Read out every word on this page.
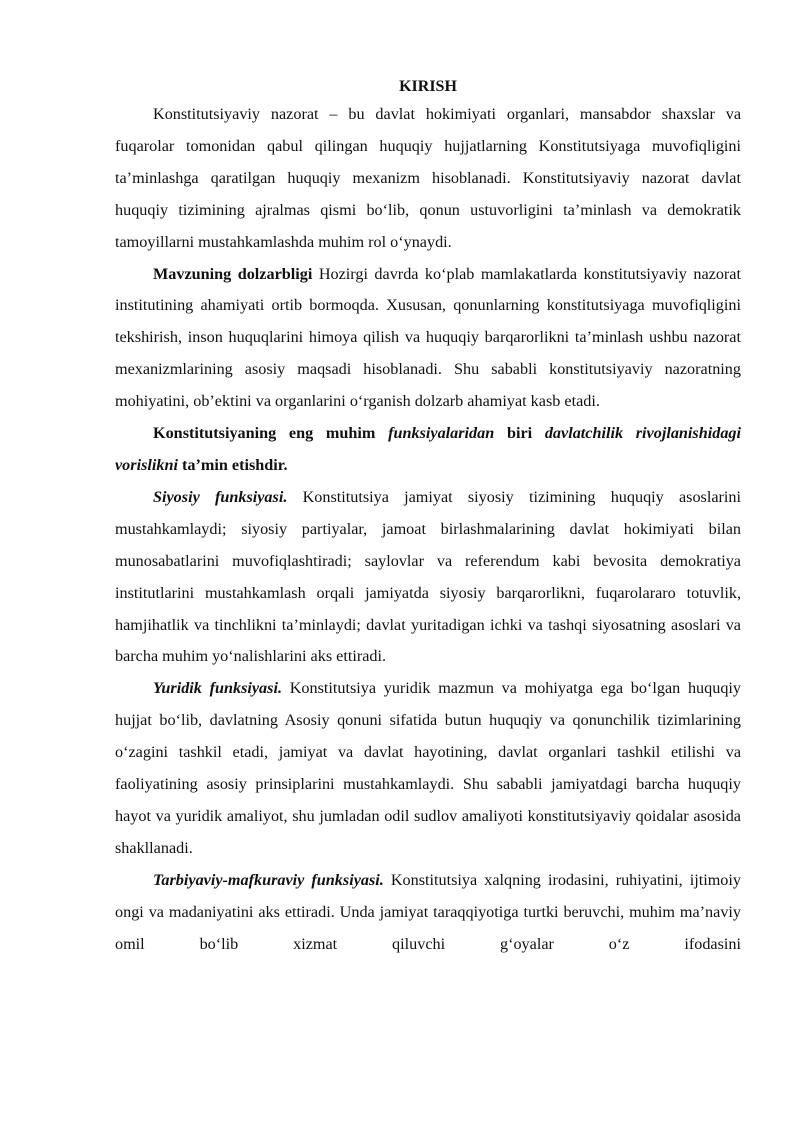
KIRISH

Konstitutsiyaviy nazorat – bu davlat hokimiyati organlari, mansabdor shaxslar va fuqarolar tomonidan qabul qilingan huquqiy hujjatlarning Konstitutsiyaga muvofiqligini ta’minlashga qaratilgan huquqiy mexanizm hisoblanadi. Konstitutsiyaviy nazorat davlat huquqiy tizimining ajralmas qismi bo‘lib, qonun ustuvorligini ta’minlash va demokratik tamoyillarni mustahkamlashda muhim rol o‘ynaydi.

Mavzuning dolzarbligi Hozirgi davrda ko‘plab mamlakatlarda konstitutsiyaviy nazorat institutining ahamiyati ortib bormoqda. Xususan, qonunlarning konstitutsiyaga muvofiqligini tekshirish, inson huquqlarini himoya qilish va huquqiy barqarorlikni ta’minlash ushbu nazorat mexanizmlarining asosiy maqsadi hisoblanadi. Shu sababli konstitutsiyaviy nazoratning mohiyatini, ob’ektini va organlarini o‘rganish dolzarb ahamiyat kasb etadi.

Konstitutsiyaning eng muhim funksiyalaridan biri davlatchilik rivojlanishidagi vorislikni ta’min etishdir.

Siyosiy funksiyasi. Konstitutsiya jamiyat siyosiy tizimining huquqiy asoslarini mustahkamlaydi; siyosiy partiyalar, jamoat birlashmalarining davlat hokimiyati bilan munosabatlarini muvofiqlashtiradi; saylovlar va referendum kabi bevosita demokratiya institutlarini mustahkamlash orqali jamiyatda siyosiy barqarorlikni, fuqarolararo totuvlik, hamjihatlik va tinchlikni ta’minlaydi; davlat yuritadigan ichki va tashqi siyosatning asoslari va barcha muhim yo‘nalishlarini aks ettiradi.

Yuridik funksiyasi. Konstitutsiya yuridik mazmun va mohiyatga ega bo‘lgan huquqiy hujjat bo‘lib, davlatning Asosiy qonuni sifatida butun huquqiy va qonunchilik tizimlarining o‘zagini tashkil etadi, jamiyat va davlat hayotining, davlat organlari tashkil etilishi va faoliyatining asosiy prinsiplarini mustahkamlaydi. Shu sababli jamiyatdagi barcha huquqiy hayot va yuridik amaliyot, shu jumladan odil sudlov amaliyoti konstitutsiyaviy qoidalar asosida shakllanadi.

Tarbiyaviy-mafkuraviy funksiyasi. Konstitutsiya xalqning irodasini, ruhiyatini, ijtimoiy ongi va madaniyatini aks ettiradi. Unda jamiyat taraqqiyotiga turtki beruvchi, muhim ma’naviy omil bo‘lib xizmat qiluvchi g‘oyalar o‘z ifodasini
